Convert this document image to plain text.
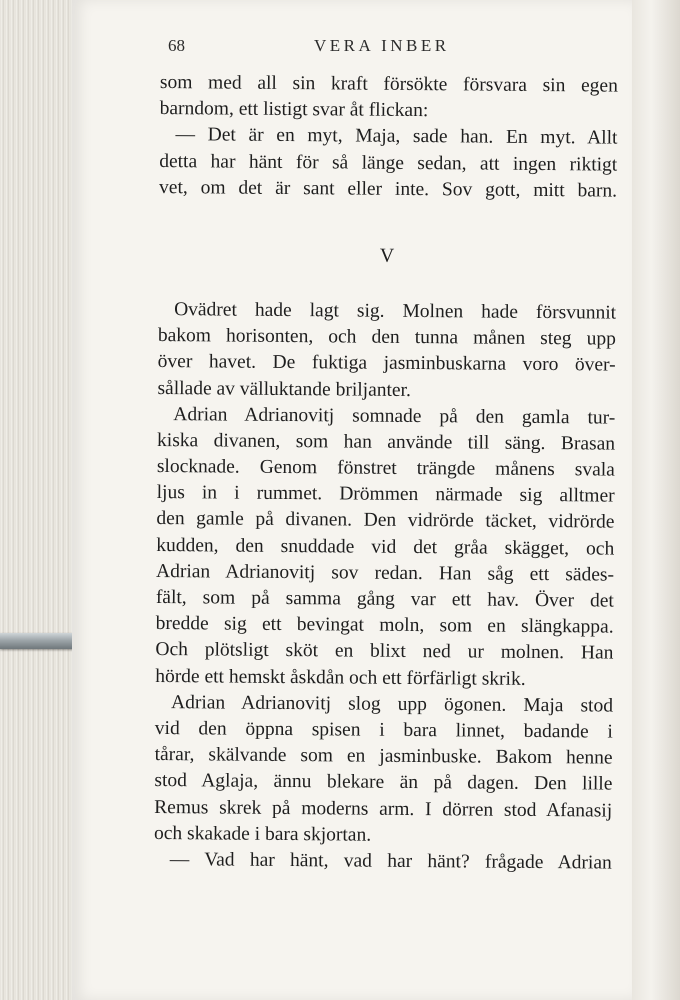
68	VERA INBER
som med all sin kraft försökte försvara sin egen
barndom, ett listigt svar åt flickan:
— Det är en myt, Maja, sade han. En myt. Allt
detta har hänt för så länge sedan, att ingen riktigt
vet, om det är sant eller inte. Sov gott, mitt barn.
V
Ovädret hade lagt sig. Molnen hade försvunnit
bakom horisonten, och den tunna månen steg upp
över havet. De fuktiga jasminbuskarna voro över-
sållade av välluktande briljanter.
Adrian Adrianovitj somnade på den gamla tur-
kiska divanen, som han använde till säng. Brasan
slocknade. Genom fönstret trängde månens svala
ljus in i rummet. Drömmen närmade sig alltmer
den gamle på divanen. Den vidrörde täcket, vidrörde
kudden, den snuddade vid det gråa skägget, och
Adrian Adrianovitj sov redan. Han såg ett sädes-
fält, som på samma gång var ett hav. Över det
bredde sig ett bevingat moln, som en slängkappa.
Och plötsligt sköt en blixt ned ur molnen. Han
hörde ett hemskt åskdån och ett förfärligt skrik.
Adrian Adrianovitj slog upp ögonen. Maja stod
vid den öppna spisen i bara linnet, badande i
tårar, skälvande som en jasminbuske. Bakom henne
stod Aglaja, ännu blekare än på dagen. Den lille
Remus skrek på moderns arm. I dörren stod Afanasij
och skakade i bara skjortan.
— Vad har hänt, vad har hänt? frågade Adrian
